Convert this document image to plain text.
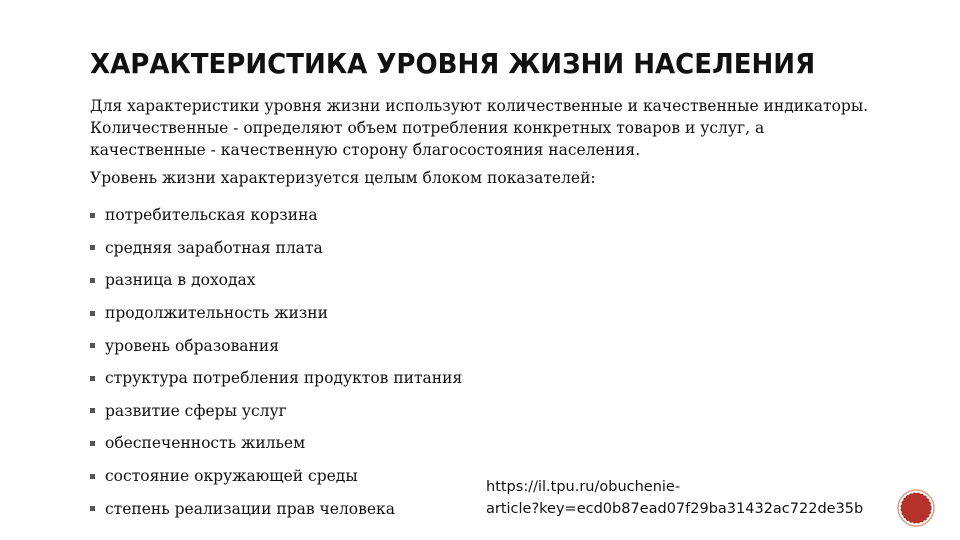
ХАРАКТЕРИСТИКА УРОВНЯ ЖИЗНИ НАСЕЛЕНИЯ

Для характеристики уровня жизни используют количественные и качественные индикаторы. Количественные - определяют объем потребления конкретных товаров и услуг, а качественные - качественную сторону благосостояния населения.

Уровень жизни характеризуется целым блоком показателей:

потребительская корзина
средняя заработная плата
разница в доходах
продолжительность жизни
уровень образования
структура потребления продуктов питания
развитие сферы услуг
обеспеченность жильем
состояние окружающей среды
степень реализации прав человека
https://il.tpu.ru/obuchenie-
article?key=ecd0b87ead07f29ba31432ac722de35b
